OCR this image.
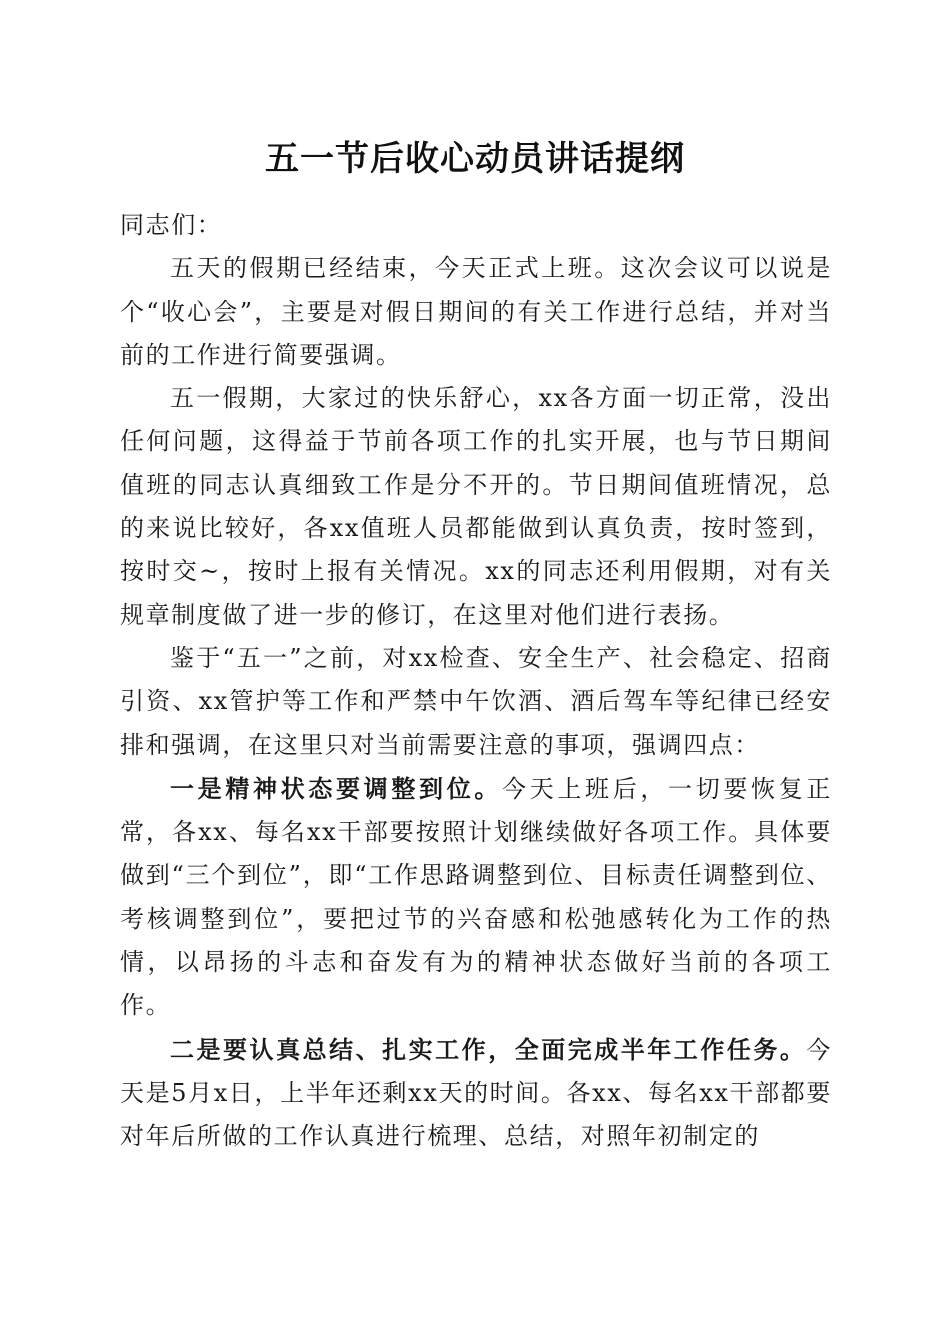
五一节后收心动员讲话提纲

同志们：

五天的假期已经结束，今天正式上班。这次会议可以说是个“收心会”，主要是对假日期间的有关工作进行总结，并对当前的工作进行简要强调。

五一假期，大家过的快乐舒心，xx各方面一切正常，没出任何问题，这得益于节前各项工作的扎实开展，也与节日期间值班的同志认真细致工作是分不开的。节日期间值班情况，总的来说比较好，各xx值班人员都能做到认真负责，按时签到，按时交~，按时上报有关情况。xx的同志还利用假期，对有关规章制度做了进一步的修订，在这里对他们进行表扬。

鉴于“五一”之前，对xx检查、安全生产、社会稳定、招商引资、xx管护等工作和严禁中午饮酒、酒后驾车等纪律已经安排和强调，在这里只对当前需要注意的事项，强调四点：

一是精神状态要调整到位。今天上班后，一切要恢复正常，各xx、每名xx干部要按照计划继续做好各项工作。具体要做到“三个到位”，即“工作思路调整到位、目标责任调整到位、考核调整到位”，要把过节的兴奋感和松弛感转化为工作的热情，以昂扬的斗志和奋发有为的精神状态做好当前的各项工作。

二是要认真总结、扎实工作，全面完成半年工作任务。今天是5月x日，上半年还剩xx天的时间。各xx、每名xx干部都要对年后所做的工作认真进行梳理、总结，对照年初制定的
